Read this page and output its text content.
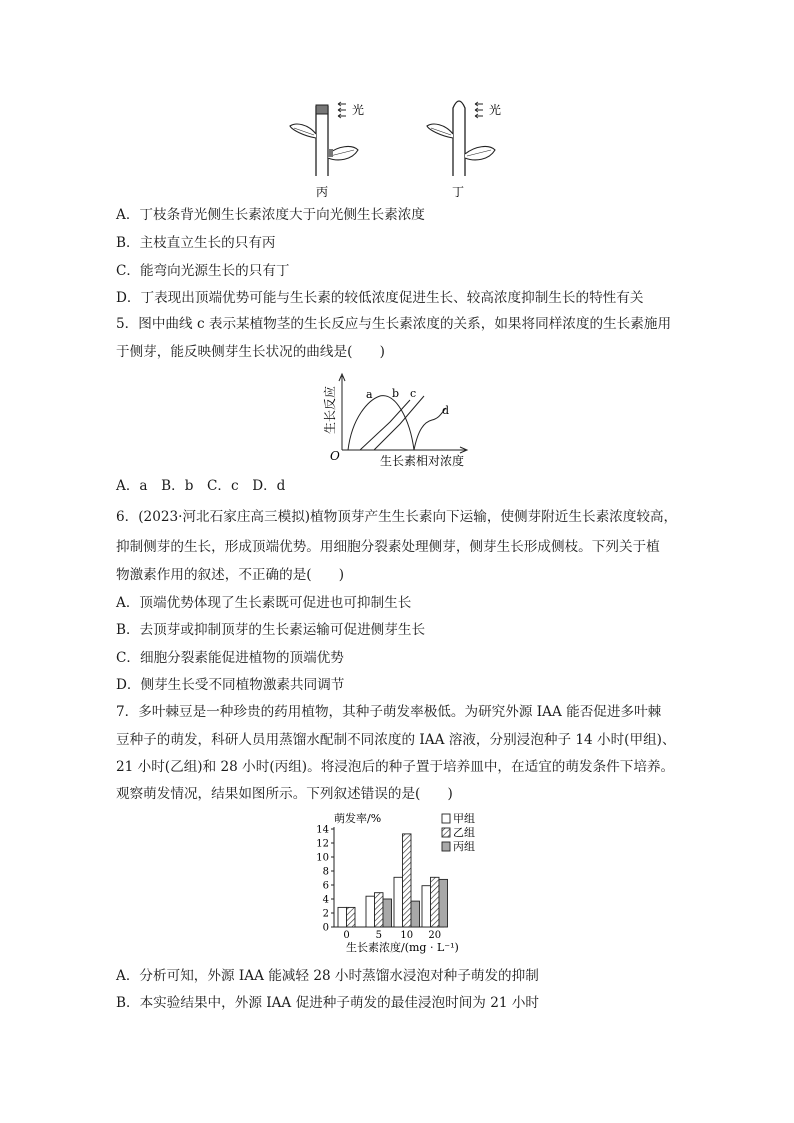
光	光
丙	丁
A．丁枝条背光侧生长素浓度大于向光侧生长素浓度
B．主枝直立生长的只有丙
C．能弯向光源生长的只有丁
D．丁表现出顶端优势可能与生长素的较低浓度促进生长、较高浓度抑制生长的特性有关
5．图中曲线 c 表示某植物茎的生长反应与生长素浓度的关系，如果将同样浓度的生长素施用
于侧芽，能反映侧芽生长状况的曲线是(　　)
a b c
d
O	生长素相对浓度
生长反应
A．a　B．b　C．c　D．d
6．(2023·河北石家庄高三模拟)植物顶芽产生生长素向下运输，使侧芽附近生长素浓度较高，
抑制侧芽的生长，形成顶端优势。用细胞分裂素处理侧芽，侧芽生长形成侧枝。下列关于植
物激素作用的叙述，不正确的是(　　)
A．顶端优势体现了生长素既可促进也可抑制生长
B．去顶芽或抑制顶芽的生长素运输可促进侧芽生长
C．细胞分裂素能促进植物的顶端优势
D．侧芽生长受不同植物激素共同调节
7．多叶棘豆是一种珍贵的药用植物，其种子萌发率极低。为研究外源 IAA 能否促进多叶棘
豆种子的萌发，科研人员用蒸馏水配制不同浓度的 IAA 溶液，分别浸泡种子 14 小时(甲组)、
21 小时(乙组)和 28 小时(丙组)。将浸泡后的种子置于培养皿中，在适宜的萌发条件下培养。
观察萌发情况，结果如图所示。下列叙述错误的是(　　)
萌发率/%
生长素浓度/(mg · L⁻¹)
0
2
4
6
8
10
12
14
0	5 10 20
甲组
乙组
丙组
A．分析可知，外源 IAA 能减轻 28 小时蒸馏水浸泡对种子萌发的抑制
B．本实验结果中，外源 IAA 促进种子萌发的最佳浸泡时间为 21 小时
